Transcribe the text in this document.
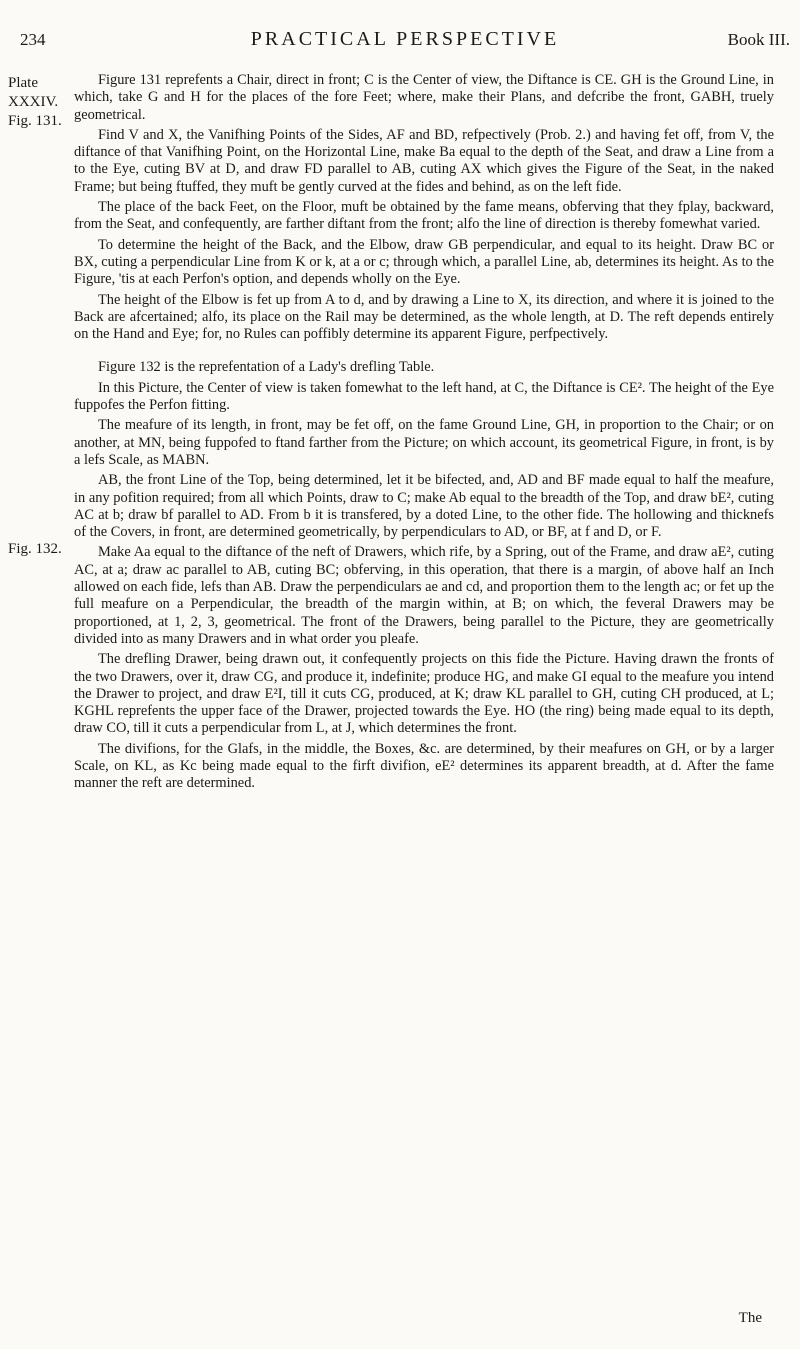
234	PRACTICAL PERSPECTIVE	Book III.
Plate
XXXIV.
Fig. 131.
Fig. 132.

Figure 131 reprefents a Chair, direct in front; C is the Center of view, the Diftance is CE. GH is the Ground Line, in which, take G and H for the places of the fore Feet; where, make their Plans, and defcribe the front, GABH, truely geometrical.

Find V and X, the Vanifhing Points of the Sides, AF and BD, refpectively (Prob. 2.) and having fet off, from V, the diftance of that Vanifhing Point, on the Horizontal Line, make Ba equal to the depth of the Seat, and draw a Line from a to the Eye, cuting BV at D, and draw FD parallel to AB, cuting AX which gives the Figure of the Seat, in the naked Frame; but being ftuffed, they muft be gently curved at the fides and behind, as on the left fide.

The place of the back Feet, on the Floor, muft be obtained by the fame means, obferving that they fplay, backward, from the Seat, and confequently, are farther diftant from the front; alfo the line of direction is thereby fomewhat varied.

To determine the height of the Back, and the Elbow, draw GB perpendicular, and equal to its height. Draw BC or BX, cuting a perpendicular Line from K or k, at a or c; through which, a parallel Line, ab, determines its height. As to the Figure, 'tis at each Perfon's option, and depends wholly on the Eye.

The height of the Elbow is fet up from A to d, and by drawing a Line to X, its direction, and where it is joined to the Back are afcertained; alfo, its place on the Rail may be determined, as the whole length, at D. The reft depends entirely on the Hand and Eye; for, no Rules can poffibly determine its apparent Figure, perfpectively.

Figure 132 is the reprefentation of a Lady's drefling Table.

In this Picture, the Center of view is taken fomewhat to the left hand, at C, the Diftance is CE². The height of the Eye fuppofes the Perfon fitting.

The meafure of its length, in front, may be fet off, on the fame Ground Line, GH, in proportion to the Chair; or on another, at MN, being fuppofed to ftand farther from the Picture; on which account, its geometrical Figure, in front, is by a lefs Scale, as MABN.

AB, the front Line of the Top, being determined, let it be bifected, and, AD and BF made equal to half the meafure, in any pofition required; from all which Points, draw to C; make Ab equal to the breadth of the Top, and draw bE², cuting AC at b; draw bf parallel to AD. From b it is transfered, by a doted Line, to the other fide. The hollowing and thicknefs of the Covers, in front, are determined geometrically, by perpendiculars to AD, or BF, at f and D, or F.

Make Aa equal to the diftance of the neft of Drawers, which rife, by a Spring, out of the Frame, and draw aE², cuting AC, at a; draw ac parallel to AB, cuting BC; obferving, in this operation, that there is a margin, of above half an Inch allowed on each fide, lefs than AB. Draw the perpendiculars ae and cd, and proportion them to the length ac; or fet up the full meafure on a Perpendicular, the breadth of the margin within, at B; on which, the feveral Drawers may be proportioned, at 1, 2, 3, geometrical. The front of the Drawers, being parallel to the Picture, they are geometrically divided into as many Drawers and in what order you pleafe.

The drefling Drawer, being drawn out, it confequently projects on this fide the Picture. Having drawn the fronts of the two Drawers, over it, draw CG, and produce it, indefinite; produce HG, and make GI equal to the meafure you intend the Drawer to project, and draw E²I, till it cuts CG, produced, at K; draw KL parallel to GH, cuting CH produced, at L; KGHL reprefents the upper face of the Drawer, projected towards the Eye. HO (the ring) being made equal to its depth, draw CO, till it cuts a perpendicular from L, at J, which determines the front.

The divifions, for the Glafs, in the middle, the Boxes, &c. are determined, by their meafures on GH, or by a larger Scale, on KL, as Kc being made equal to the firft divifion, eE² determines its apparent breadth, at d. After the fame manner the reft are determined.

The
